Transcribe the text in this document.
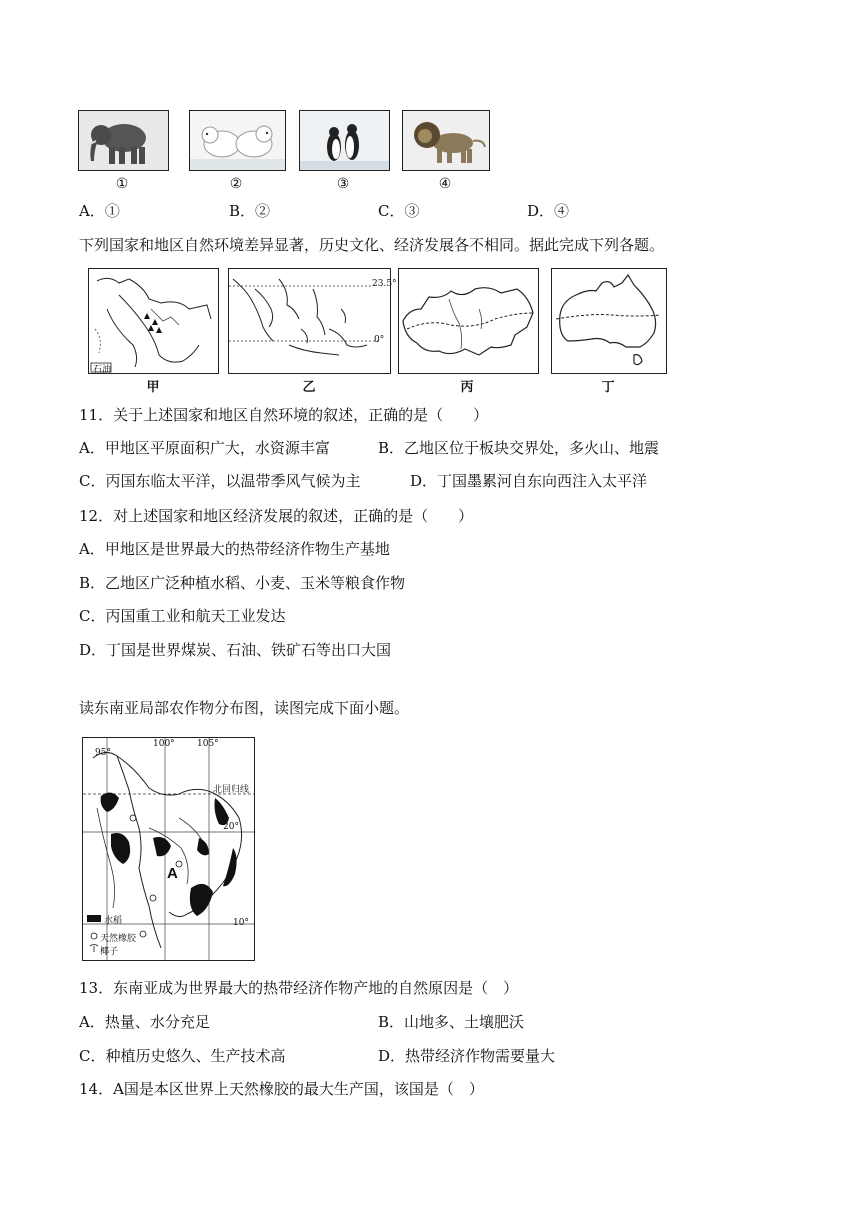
①	②	③	④
A．①	B．②	C．③	D．④
下列国家和地区自然环境差异显著，历史文化、经济发展各不相同。据此完成下列各题。
石油
23.5°
0°
甲	乙	丙	丁
11．关于上述国家和地区自然环境的叙述，正确的是（　　）
A．甲地区平原面积广大，水资源丰富	B．乙地区位于板块交界处，多火山、地震
C．丙国东临太平洋，以温带季风气候为主	D．丁国墨累河自东向西注入太平洋
12．对上述国家和地区经济发展的叙述，正确的是（　　）
A．甲地区是世界最大的热带经济作物生产基地
B．乙地区广泛种植水稻、小麦、玉米等粮食作物
C．丙国重工业和航天工业发达
D．丁国是世界煤炭、石油、铁矿石等出口大国
读东南亚局部农作物分布图，读图完成下面小题。
95°
100° 105°
北回归线
20°
10°
A
水稻
天然橡胶
椰子
13．东南亚成为世界最大的热带经济作物产地的自然原因是（　）
A．热量、水分充足	B．山地多、土壤肥沃
C．种植历史悠久、生产技术高	D．热带经济作物需要量大
14．A国是本区世界上天然橡胶的最大生产国，该国是（　）
